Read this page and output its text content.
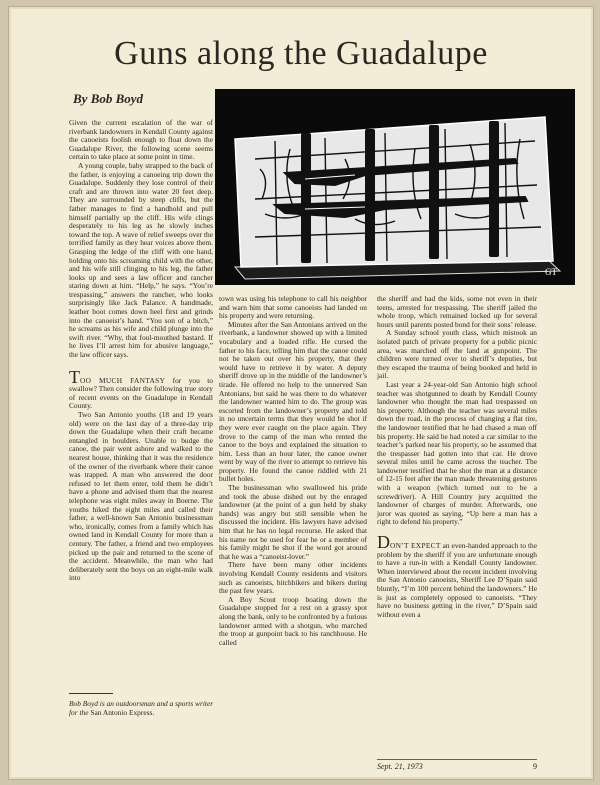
Guns along the Guadalupe
By Bob Boyd
GT

Given the current escalation of the war of riverbank landowners in Kendall County against the canoeists foolish enough to float down the Guadalupe River, the following scene seems certain to take place at some point in time.

A young couple, baby strapped to the back of the father, is enjoying a canoeing trip down the Guadalupe. Suddenly they lose control of their craft and are thrown into water 20 feet deep. They are surrounded by steep cliffs, but the father manages to find a handhold and pull himself partially up the cliff. His wife clings desperately to his leg as he slowly inches toward the top. A wave of relief sweeps over the terrified family as they hear voices above them. Grasping the ledge of the cliff with one hand, holding onto his screaming child with the other, and his wife still clinging to his leg, the father looks up and sees a law officer and rancher staring down at him. “Help,” he says. “You’re trespassing,” answers the rancher, who looks surprisingly like Jack Palance. A handmade, leather boot comes down heel first and grinds into the canoeist’s hand. “You son of a bitch,” he screams as his wife and child plunge into the swift river. “Why, that foul-mouthed bastard. If he lives I’ll arrest him for abusive language,” the law officer says.

TOO MUCH FANTASY for you to swallow? Then consider the following true story of recent events on the Guadalupe in Kendall County.

Two San Antonio youths (18 and 19 years old) were on the last day of a three-day trip down the Guadalupe when their craft became entangled in boulders. Unable to budge the canoe, the pair went ashore and walked to the nearest house, thinking that it was the residence of the owner of the riverbank where their canoe was trapped. A man who answered the door refused to let them enter, told them he didn’t have a phone and advised them that the nearest telephone was eight miles away in Boerne. The youths hiked the eight miles and called their father, a well-known San Antonio businessman who, ironically, comes from a family which has owned land in Kendall County for more than a century. The father, a friend and two employees picked up the pair and returned to the scene of the accident. Meanwhile, the man who had deliberately sent the boys on an eight-mile walk into

town was using his telephone to call his neighbor and warn him that some canoeists had landed on his property and were returning.

Minutes after the San Antonians arrived on the riverbank, a landowner showed up with a limited vocabulary and a loaded rifle. He cursed the father to his face, telling him that the canoe could not be taken out over his property, that they would have to retrieve it by water. A deputy sheriff drove up in the middle of the landowner’s tirade. He offered no help to the unnerved San Antonians, but said he was there to do whatever the landowner wanted him to do. The group was escorted from the landowner’s property and told in no uncertain terms that they would be shot if they were ever caught on the place again. They drove to the camp of the man who rented the canoe to the boys and explained the situation to him. Less than an hour later, the canoe owner went by way of the river to attempt to retrieve his property. He found the canoe riddled with 21 bullet holes.

The businessman who swallowed his pride and took the abuse dished out by the enraged landowner (at the point of a gun held by shaky hands) was angry but still sensible when he discussed the incident. His lawyers have advised him that he has no legal recourse. He asked that his name not be used for fear he or a member of his family might be shot if the word got around that he was a “canoeist-lover.”

There have been many other incidents involving Kendall County residents and visitors such as canoeists, hitchhikers and bikers during the past few years.

A Boy Scout troop boating down the Guadalupe stopped for a rest on a grassy spot along the bank, only to be confronted by a furious landowner armed with a shotgun, who marched the troop at gunpoint back to his ranchhouse. He called

the sheriff and had the kids, some not even in their teens, arrested for trespassing. The sheriff jailed the whole troop, which remained locked up for several hours until parents posted bond for their sons’ release.

A Sunday school youth class, which mistook an isolated patch of private property for a public picnic area, was marched off the land at gunpoint. The children were turned over to sheriff’s deputies, but they escaped the trauma of being booked and held in jail.

Last year a 24-year-old San Antonio high school teacher was shotgunned to death by Kendall County landowner who thought the man had trespassed on his property. Although the teacher was several miles down the road, in the process of changing a flat tire, the landowner testified that he had chased a man off his property. He said he had noted a car similar to the teacher’s parked near his property, so he assumed that the trespasser had gotten into that car. He drove several miles until he came across the teacher. The landowner testified that he shot the man at a distance of 12-15 feet after the man made threatening gestures with a weapon (which turned out to be a screwdriver). A Hill Country jury acquitted the landowner of charges of murder. Afterwards, one juror was quoted as saying, “Up here a man has a right to defend his property.”

DON’T EXPECT an even-handed approach to the problem by the sheriff if you are unfortunate enough to have a run-in with a Kendall County landowner. When interviewed about the recent incident involving the San Antonio canoeists, Sheriff Lee D’Spain said bluntly, “I’m 100 percent behind the landowners.” He is just as completely opposed to canoeists. “They have no business getting in the river,” D’Spain said without even a

Bob Boyd is an outdoorsman and a sports writer for the San Antonio Express.
Sept. 21, 1973	9
